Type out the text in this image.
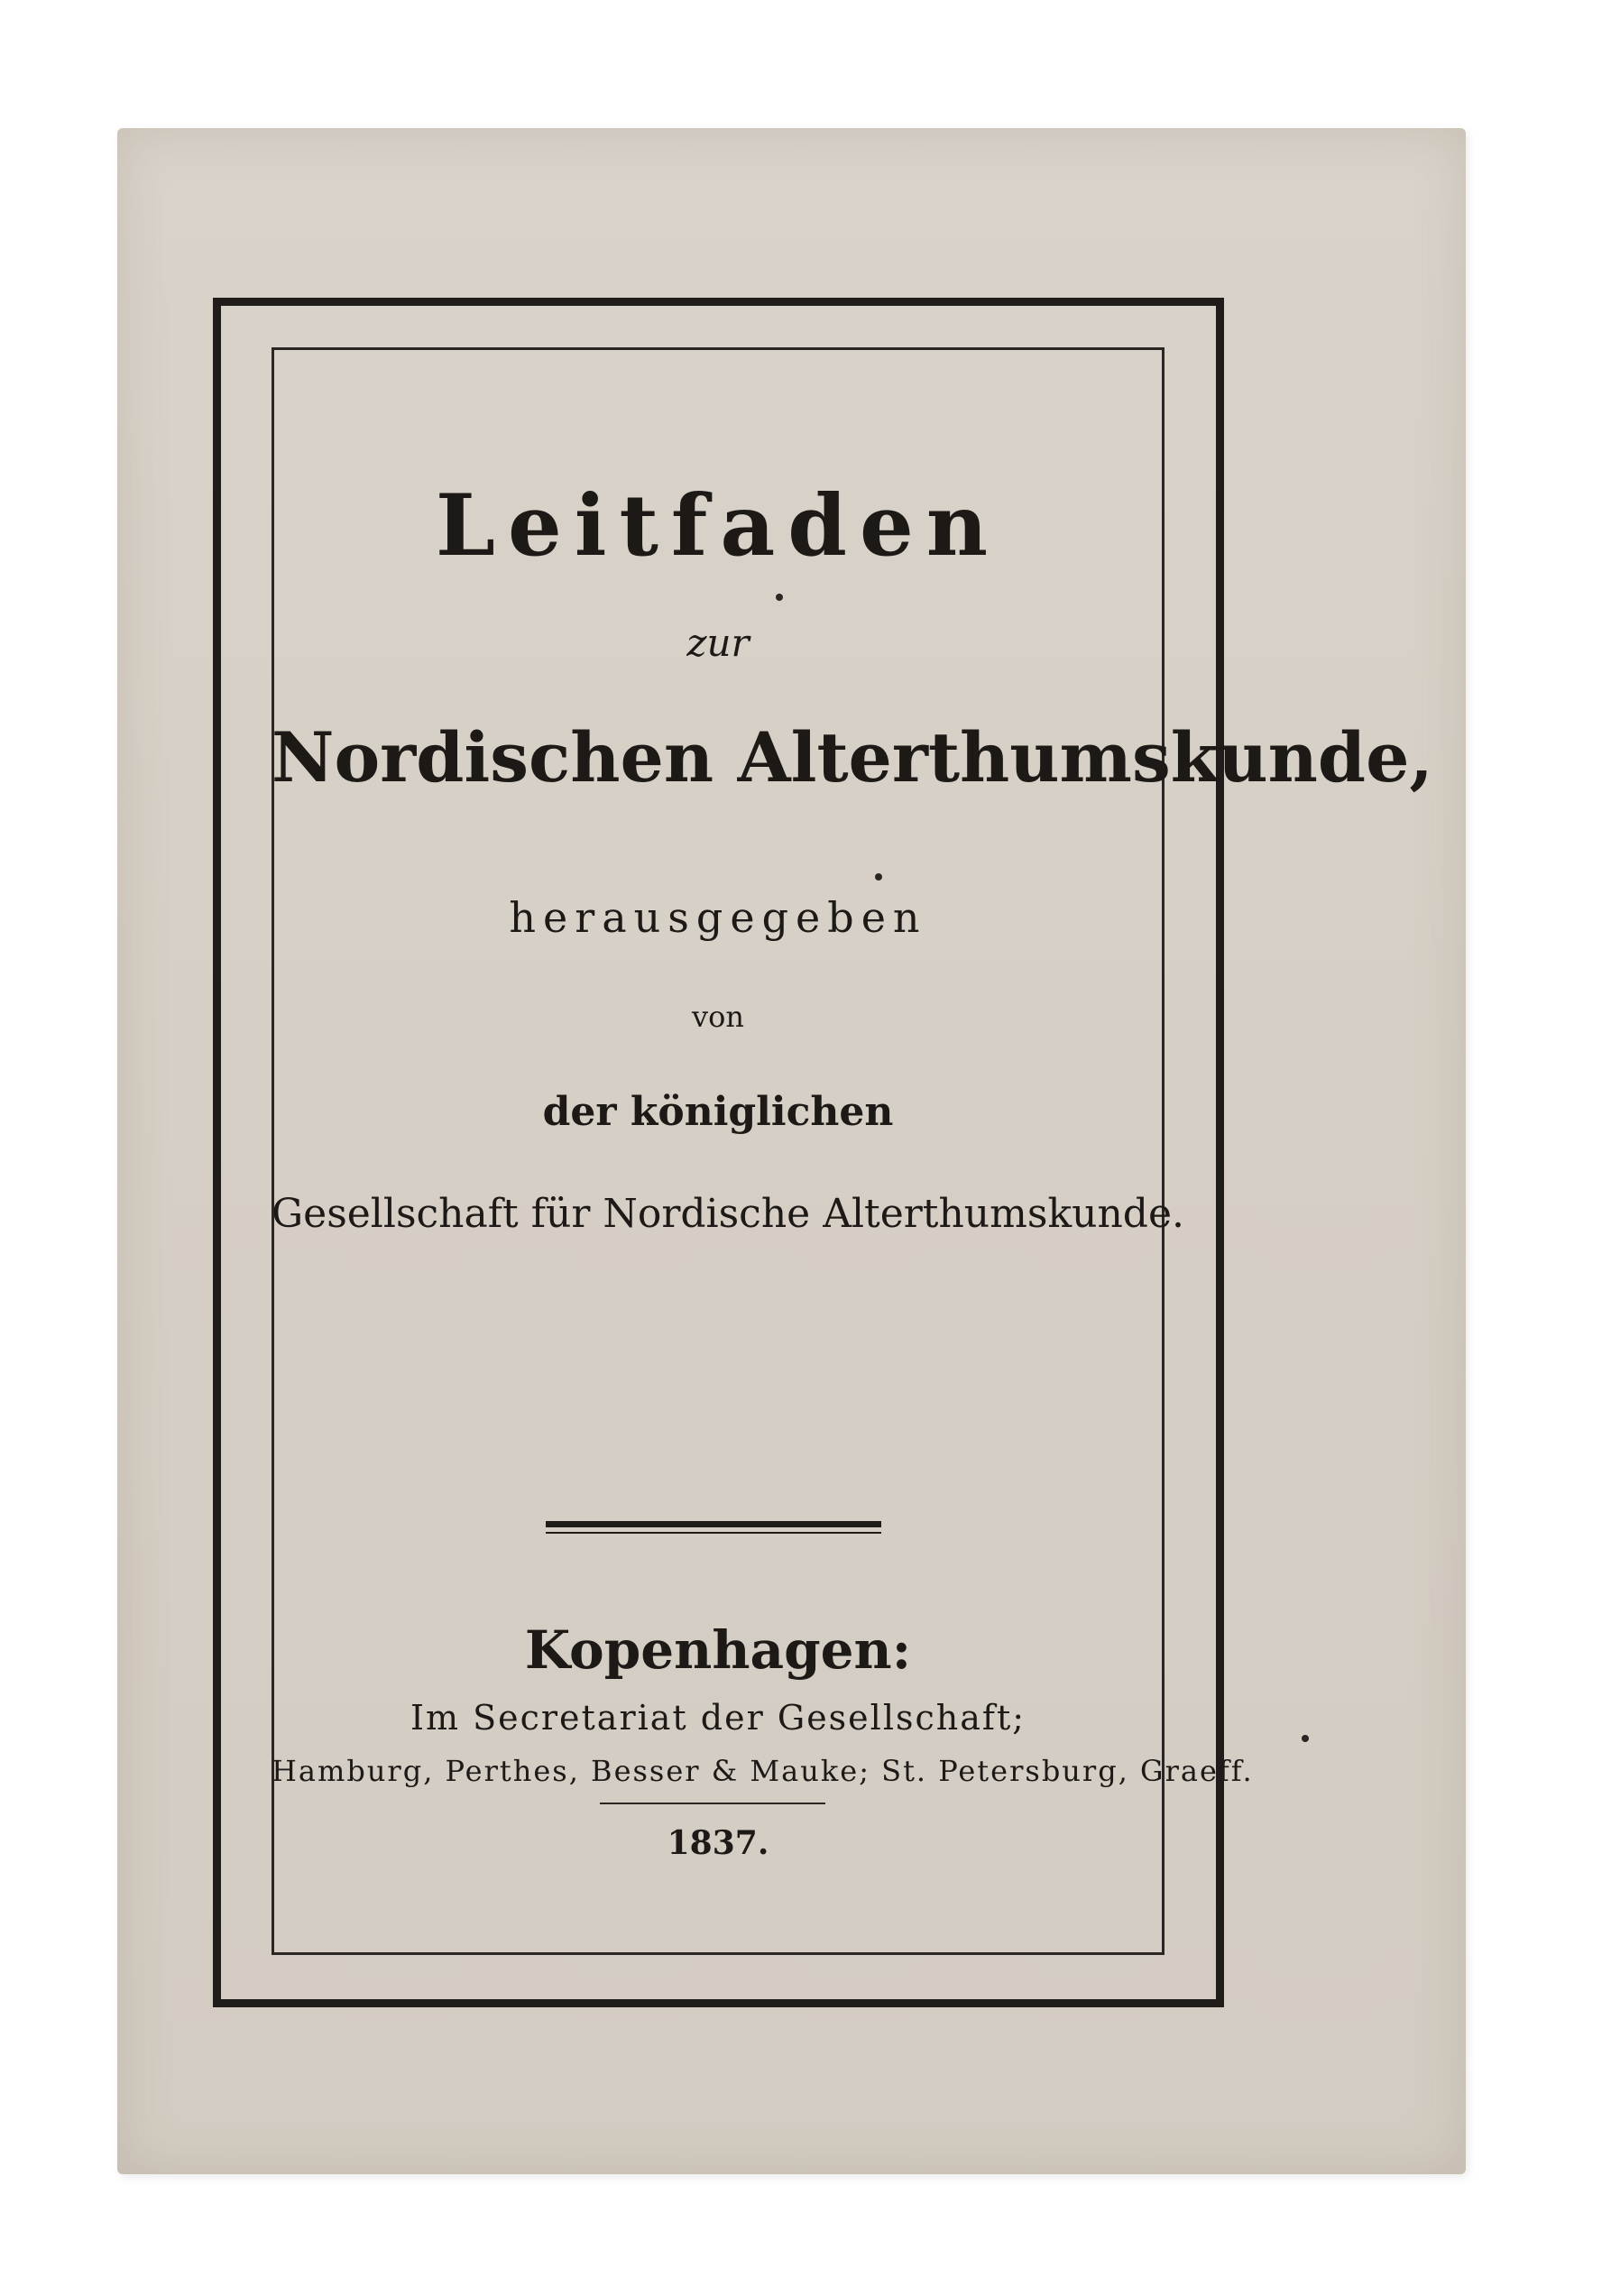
Leitfaden
zur
Nordischen Alterthumskunde,
herausgegeben
von
der königlichen
Gesellschaft für Nordische Alterthumskunde.
Kopenhagen:
Im Secretariat der Gesellschaft;
Hamburg, Perthes, Besser & Mauke; St. Petersburg, Graeff.
1837.
